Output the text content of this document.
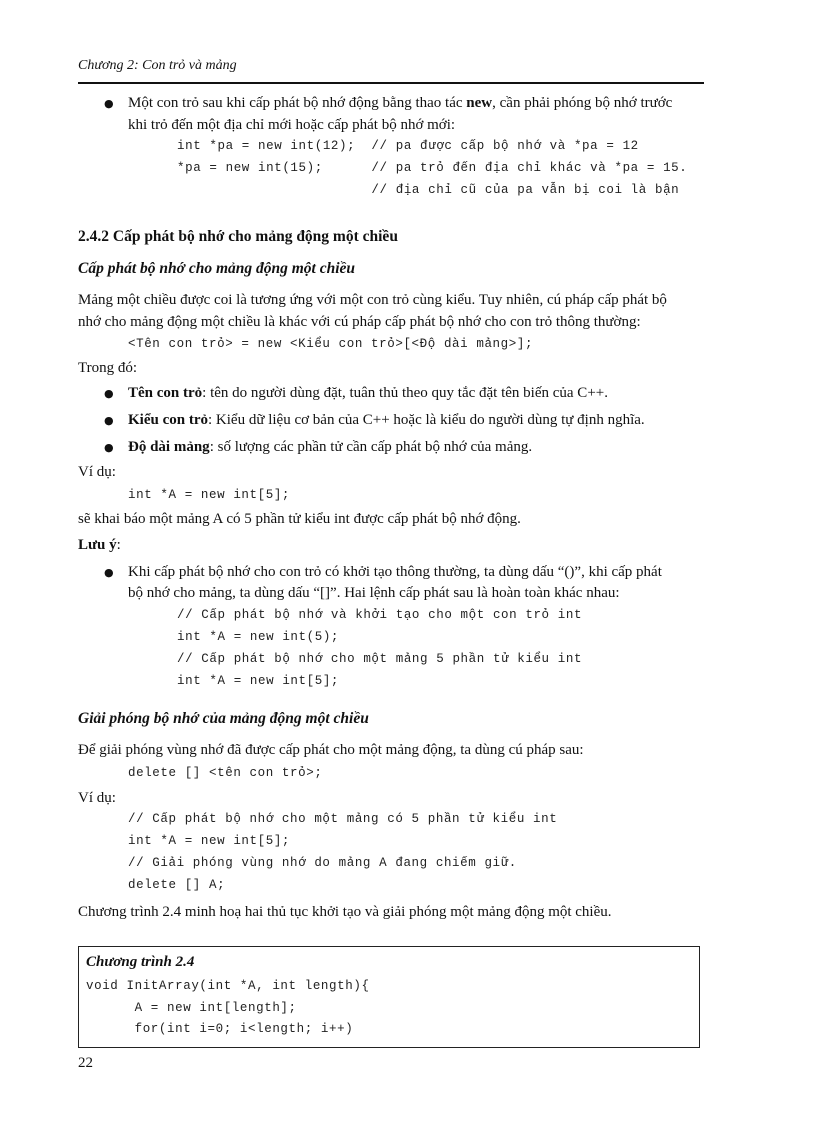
Chương 2: Con trỏ và mảng
● Một con trỏ sau khi cấp phát bộ nhớ động bằng thao tác new, cần phải phóng bộ nhớ trước
khi trỏ đến một địa chỉ mới hoặc cấp phát bộ nhớ mới:
int *pa = new int(12);  // pa được cấp bộ nhớ và *pa = 12
*pa = new int(15);      // pa trỏ đến địa chỉ khác và *pa = 15.
// địa chỉ cũ của pa vẫn bị coi là bận
2.4.2 Cấp phát bộ nhớ cho mảng động một chiều
Cấp phát bộ nhớ cho mảng động một chiều
Mảng một chiều được coi là tương ứng với một con trỏ cùng kiểu. Tuy nhiên, cú pháp cấp phát bộ
nhớ cho mảng động một chiều là khác với cú pháp cấp phát bộ nhớ cho con trỏ thông thường:
<Tên con trỏ> = new <Kiểu con trỏ>[<Độ dài mảng>];
Trong đó:
● Tên con trỏ: tên do người dùng đặt, tuân thủ theo quy tắc đặt tên biến của C++.
● Kiểu con trỏ: Kiểu dữ liệu cơ bản của C++ hoặc là kiểu do người dùng tự định nghĩa.
● Độ dài mảng: số lượng các phần tử cần cấp phát bộ nhớ của mảng.
Ví dụ:
int *A = new int[5];
sẽ khai báo một mảng A có 5 phần tử kiểu int được cấp phát bộ nhớ động.
Lưu ý:
● Khi cấp phát bộ nhớ cho con trỏ có khởi tạo thông thường, ta dùng dấu “()”, khi cấp phát
bộ nhớ cho mảng, ta dùng dấu “[]”. Hai lệnh cấp phát sau là hoàn toàn khác nhau:
// Cấp phát bộ nhớ và khởi tạo cho một con trỏ int
int *A = new int(5);
// Cấp phát bộ nhớ cho một mảng 5 phần tử kiểu int
int *A = new int[5];
Giải phóng bộ nhớ của mảng động một chiều
Để giải phóng vùng nhớ đã được cấp phát cho một mảng động, ta dùng cú pháp sau:
delete [] <tên con trỏ>;
Ví dụ:
// Cấp phát bộ nhớ cho một mảng có 5 phần tử kiểu int
int *A = new int[5];
// Giải phóng vùng nhớ do mảng A đang chiếm giữ.
delete [] A;
Chương trình 2.4 minh hoạ hai thủ tục khởi tạo và giải phóng một mảng động một chiều.
Chương trình 2.4
void InitArray(int *A, int length){
A = new int[length];
for(int i=0; i<length; i++)
22
